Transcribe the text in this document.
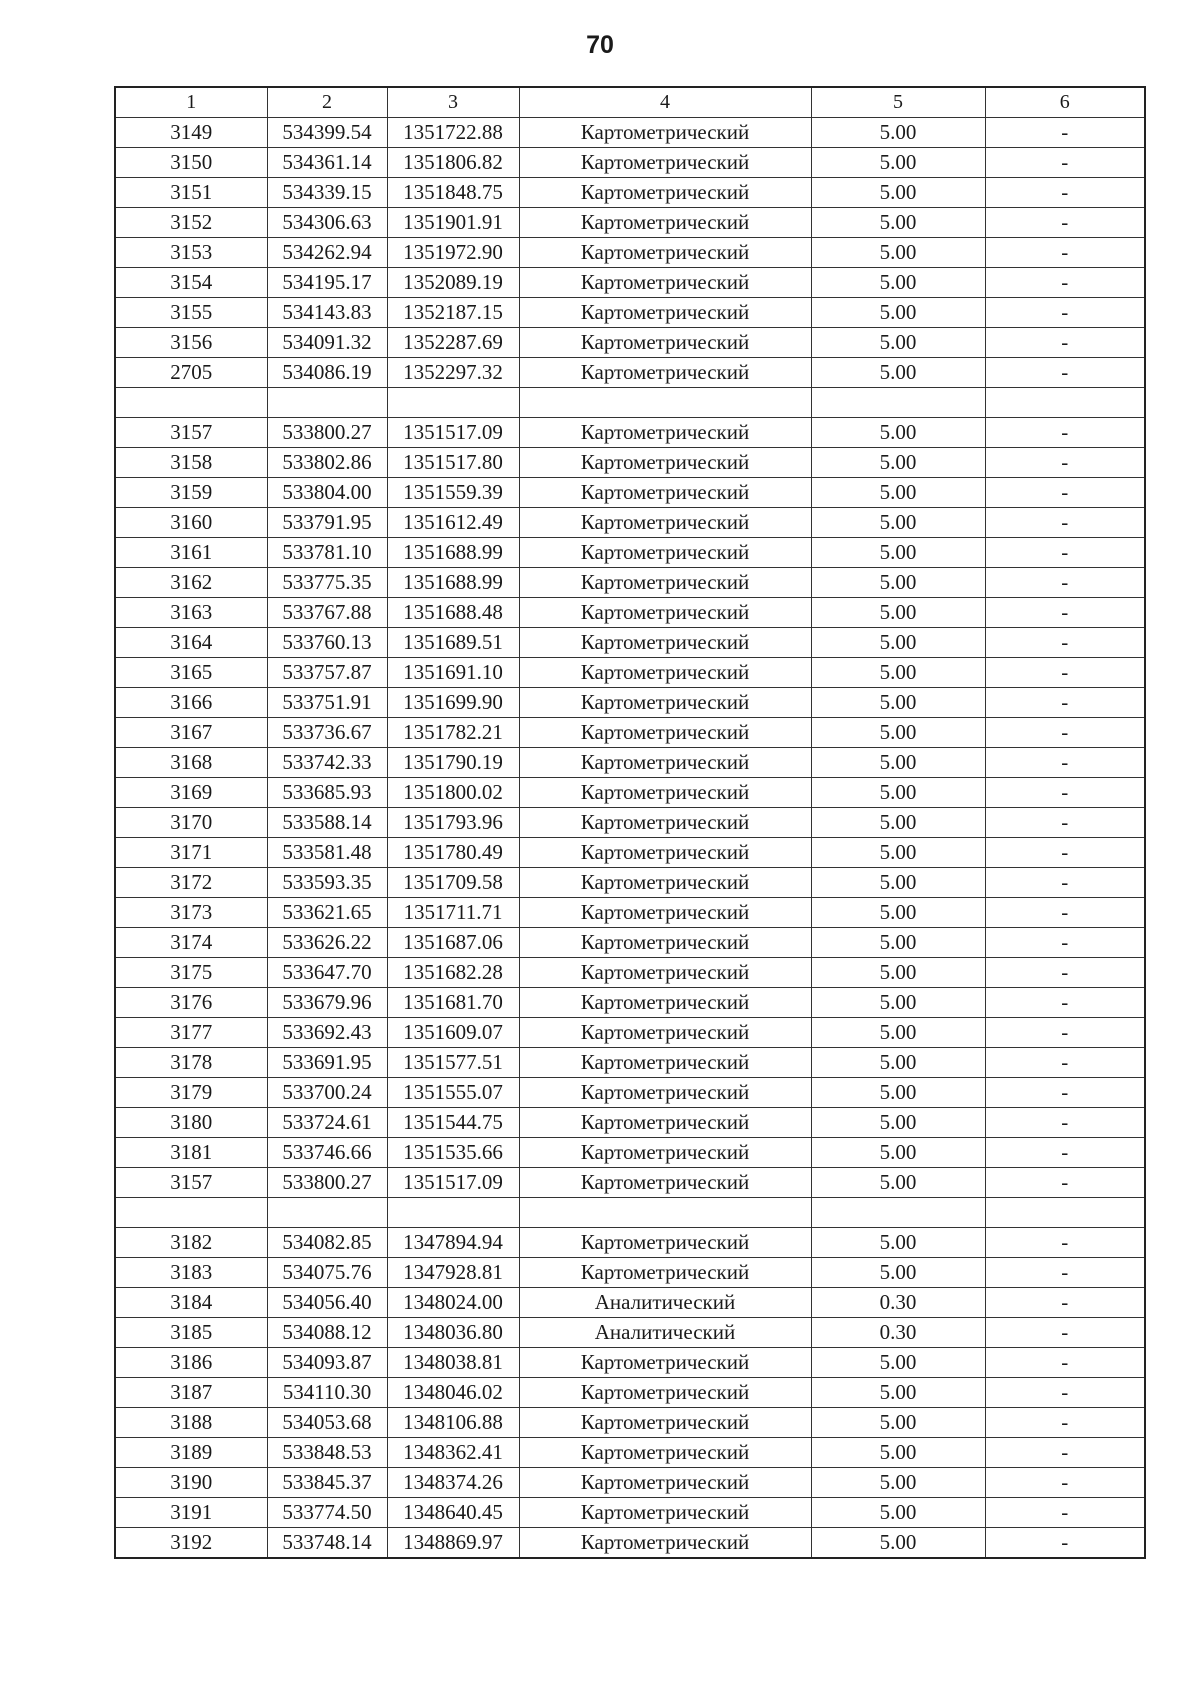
70
1	2	3	4	5	6
3149	534399.54	1351722.88	Картометрический	5.00	-
3150	534361.14	1351806.82	Картометрический	5.00	-
3151	534339.15	1351848.75	Картометрический	5.00	-
3152	534306.63	1351901.91	Картометрический	5.00	-
3153	534262.94	1351972.90	Картометрический	5.00	-
3154	534195.17	1352089.19	Картометрический	5.00	-
3155	534143.83	1352187.15	Картометрический	5.00	-
3156	534091.32	1352287.69	Картометрический	5.00	-
2705	534086.19	1352297.32	Картометрический	5.00	-

3157	533800.27	1351517.09	Картометрический	5.00	-
3158	533802.86	1351517.80	Картометрический	5.00	-
3159	533804.00	1351559.39	Картометрический	5.00	-
3160	533791.95	1351612.49	Картометрический	5.00	-
3161	533781.10	1351688.99	Картометрический	5.00	-
3162	533775.35	1351688.99	Картометрический	5.00	-
3163	533767.88	1351688.48	Картометрический	5.00	-
3164	533760.13	1351689.51	Картометрический	5.00	-
3165	533757.87	1351691.10	Картометрический	5.00	-
3166	533751.91	1351699.90	Картометрический	5.00	-
3167	533736.67	1351782.21	Картометрический	5.00	-
3168	533742.33	1351790.19	Картометрический	5.00	-
3169	533685.93	1351800.02	Картометрический	5.00	-
3170	533588.14	1351793.96	Картометрический	5.00	-
3171	533581.48	1351780.49	Картометрический	5.00	-
3172	533593.35	1351709.58	Картометрический	5.00	-
3173	533621.65	1351711.71	Картометрический	5.00	-
3174	533626.22	1351687.06	Картометрический	5.00	-
3175	533647.70	1351682.28	Картометрический	5.00	-
3176	533679.96	1351681.70	Картометрический	5.00	-
3177	533692.43	1351609.07	Картометрический	5.00	-
3178	533691.95	1351577.51	Картометрический	5.00	-
3179	533700.24	1351555.07	Картометрический	5.00	-
3180	533724.61	1351544.75	Картометрический	5.00	-
3181	533746.66	1351535.66	Картометрический	5.00	-
3157	533800.27	1351517.09	Картометрический	5.00	-

3182	534082.85	1347894.94	Картометрический	5.00	-
3183	534075.76	1347928.81	Картометрический	5.00	-
3184	534056.40	1348024.00	Аналитический	0.30	-
3185	534088.12	1348036.80	Аналитический	0.30	-
3186	534093.87	1348038.81	Картометрический	5.00	-
3187	534110.30	1348046.02	Картометрический	5.00	-
3188	534053.68	1348106.88	Картометрический	5.00	-
3189	533848.53	1348362.41	Картометрический	5.00	-
3190	533845.37	1348374.26	Картометрический	5.00	-
3191	533774.50	1348640.45	Картометрический	5.00	-
3192	533748.14	1348869.97	Картометрический	5.00	-
